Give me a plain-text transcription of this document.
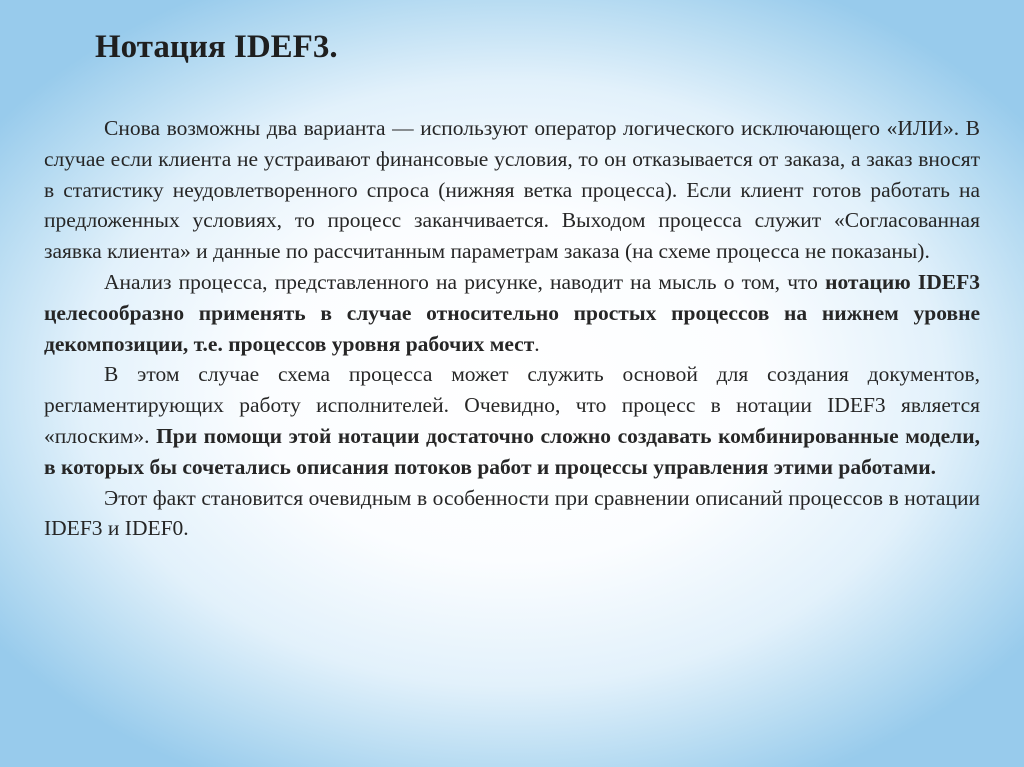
Нотация IDEF3.

Снова возможны два варианта — используют оператор логического исключающего «ИЛИ». В случае если клиента не устраивают финансовые условия, то он отказывается от заказа, а заказ вносят в статистику неудовлетворенного спроса (нижняя ветка процесса). Если клиент готов работать на предложенных условиях, то процесс заканчивается. Выходом процесса служит «Согласованная заявка клиента» и данные по рассчитанным параметрам заказа (на схеме процесса не показаны).

Анализ процесса, представленного на рисунке, наводит на мысль о том, что нотацию IDEF3 целесообразно применять в случае относительно простых процессов на нижнем уровне декомпозиции, т.е. процессов уровня рабочих мест.

В этом случае схема процесса может служить основой для создания документов, регламентирующих работу исполнителей. Очевидно, что процесс в нотации IDEF3 является «плоским». При помощи этой нотации достаточно сложно создавать комбинированные модели, в которых бы сочетались описания потоков работ и процессы управления этими работами.

Этот факт становится очевидным в особенности при сравнении описаний процессов в нотации IDEF3 и IDEF0.
